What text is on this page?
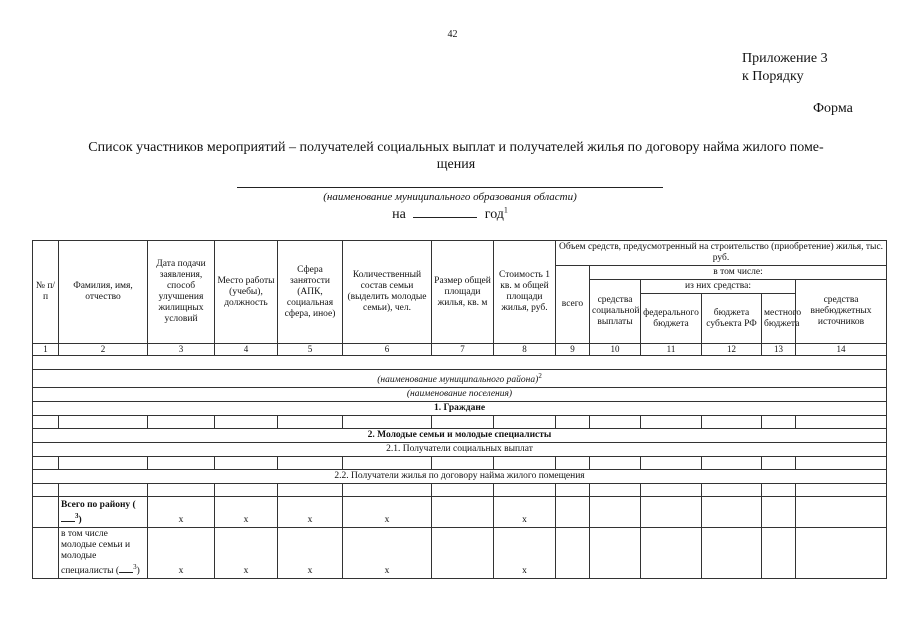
42
Приложение 3
к Порядку
Форма
Список участников мероприятий – получателей социальных выплат и получателей жилья по договору найма жилого поме-
щения
(наименование муниципального образования области)
на	год$^1$
№ п/п	Фамилия, имя, отчество	Дата подачи заявления, способ улучшения жилищных условий	Место работы (учебы), должность	Сфера занятости (АПК, социальная сфера, иное)	Количественный состав семьи (выделить молодые семьи), чел.	Размер общей площади жилья, кв. м	Стоимость 1 кв. м общей площади жилья, руб.	Объем средств, предусмотренный на строительство (приобретение) жилья, тыс. руб.					
								всего	в том числе:				
									средства социальной выплаты	из них средства:			средства внебюджетных источников
										федерального бюджета	бюджета субъекта РФ	местного бюджета	
1	2	3	4	5	6	7	8	9	10	11	12	13	14

(наименование муниципального района)$^2$
(наименование поселения)													
1. Граждане													

2. Молодые семьи и молодые специалисты													
2.1. Получатели социальных выплат													

2.2. Получатели жилья по договору найма жилого помещения													

	Всего по району ($^3$)	x	x	x	x		x						
	в том числе молодые семьи и молодые специалисты ( $^3$)	x	x	x	x		x						
